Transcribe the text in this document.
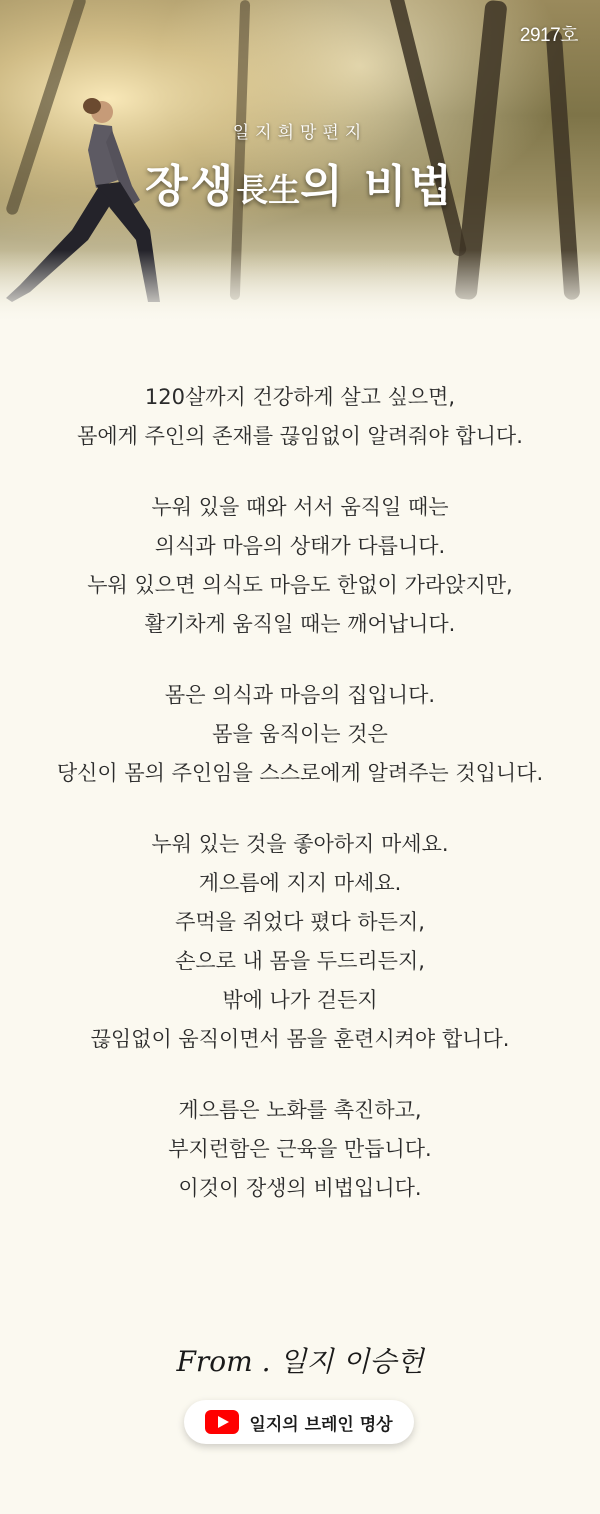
2917호
일지희망편지
장생長生의 비법

120살까지 건강하게 살고 싶으면,

몸에게 주인의 존재를 끊임없이 알려줘야 합니다.

누워 있을 때와 서서 움직일 때는

의식과 마음의 상태가 다릅니다.

누워 있으면 의식도 마음도 한없이 가라앉지만,

활기차게 움직일 때는 깨어납니다.

몸은 의식과 마음의 집입니다.

몸을 움직이는 것은

당신이 몸의 주인임을 스스로에게 알려주는 것입니다.

누워 있는 것을 좋아하지 마세요.

게으름에 지지 마세요.

주먹을 쥐었다 폈다 하든지,

손으로 내 몸을 두드리든지,

밖에 나가 걷든지

끊임없이 움직이면서 몸을 훈련시켜야 합니다.

게으름은 노화를 촉진하고,

부지런함은 근육을 만듭니다.

이것이 장생의 비법입니다.

From . 일지 이승헌
일지의 브레인 명상
